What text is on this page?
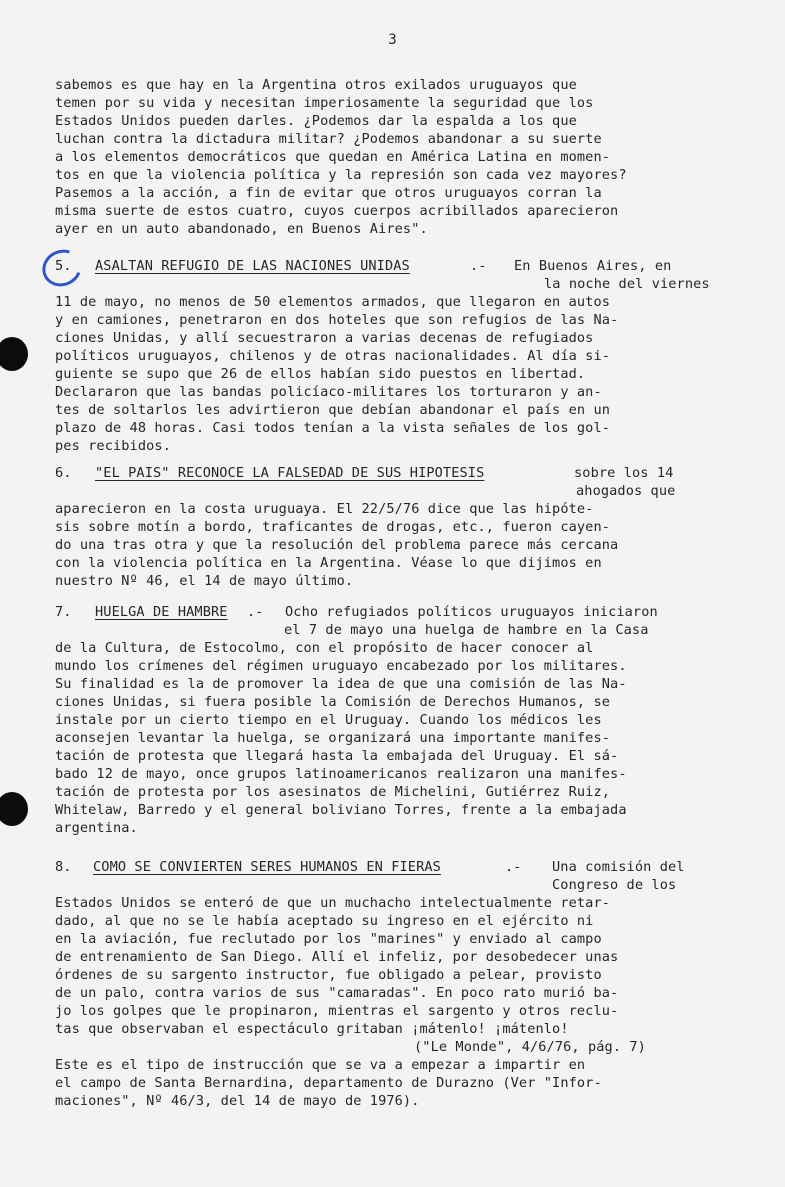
3
sabemos es que hay en la Argentina otros exilados uruguayos que
temen por su vida y necesitan imperiosamente la seguridad que los
Estados Unidos pueden darles. ¿Podemos dar la espalda a los que
luchan contra la dictadura militar? ¿Podemos abandonar a su suerte
a los elementos democráticos que quedan en América Latina en momen-
tos en que la violencia política y la represión son cada vez mayores?
Pasemos a la acción, a fin de evitar que otros uruguayos corran la
misma suerte de estos cuatro, cuyos cuerpos acribillados aparecieron
ayer en un auto abandonado, en Buenos Aires".
5. ASALTAN REFUGIO DE LAS NACIONES UNIDAS	.- En Buenos Aires, en
la noche del viernes
11 de mayo, no menos de 50 elementos armados, que llegaron en autos
y en camiones, penetraron en dos hoteles que son refugios de las Na-
ciones Unidas, y allí secuestraron a varias decenas de refugiados
políticos uruguayos, chilenos y de otras nacionalidades. Al día si-
guiente se supo que 26 de ellos habían sido puestos en libertad.
Declararon que las bandas policíaco-militares los torturaron y an-
tes de soltarlos les advirtieron que debían abandonar el país en un
plazo de 48 horas. Casi todos tenían a la vista señales de los gol-
pes recibidos.
6. "EL PAIS" RECONOCE LA FALSEDAD DE SUS HIPOTESIS	sobre los 14
ahogados que
aparecieron en la costa uruguaya. El 22/5/76 dice que las hipóte-
sis sobre motín a bordo, traficantes de drogas, etc., fueron cayen-
do una tras otra y que la resolución del problema parece más cercana
con la violencia política en la Argentina. Véase lo que dijimos en
nuestro Nº 46, el 14 de mayo último.
7. HUELGA DE HAMBRE .- Ocho refugiados políticos uruguayos iniciaron
el 7 de mayo una huelga de hambre en la Casa
de la Cultura, de Estocolmo, con el propósito de hacer conocer al
mundo los crímenes del régimen uruguayo encabezado por los militares.
Su finalidad es la de promover la idea de que una comisión de las Na-
ciones Unidas, si fuera posible la Comisión de Derechos Humanos, se
instale por un cierto tiempo en el Uruguay. Cuando los médicos les
aconsejen levantar la huelga, se organizará una importante manifes-
tación de protesta que llegará hasta la embajada del Uruguay. El sá-
bado 12 de mayo, once grupos latinoamericanos realizaron una manifes-
tación de protesta por los asesinatos de Michelini, Gutiérrez Ruiz,
Whitelaw, Barredo y el general boliviano Torres, frente a la embajada
argentina.
8. COMO SE CONVIERTEN SERES HUMANOS EN FIERAS	.- Una comisión del
Congreso de los
Estados Unidos se enteró de que un muchacho intelectualmente retar-
dado, al que no se le había aceptado su ingreso en el ejército ni
en la aviación, fue reclutado por los "marines" y enviado al campo
de entrenamiento de San Diego. Allí el infeliz, por desobedecer unas
órdenes de su sargento instructor, fue obligado a pelear, provisto
de un palo, contra varios de sus "camaradas". En poco rato murió ba-
jo los golpes que le propinaron, mientras el sargento y otros reclu-
tas que observaban el espectáculo gritaban ¡mátenlo! ¡mátenlo!
("Le Monde", 4/6/76, pág. 7)
Este es el tipo de instrucción que se va a empezar a impartir en
el campo de Santa Bernardina, departamento de Durazno (Ver "Infor-
maciones", Nº 46/3, del 14 de mayo de 1976).
